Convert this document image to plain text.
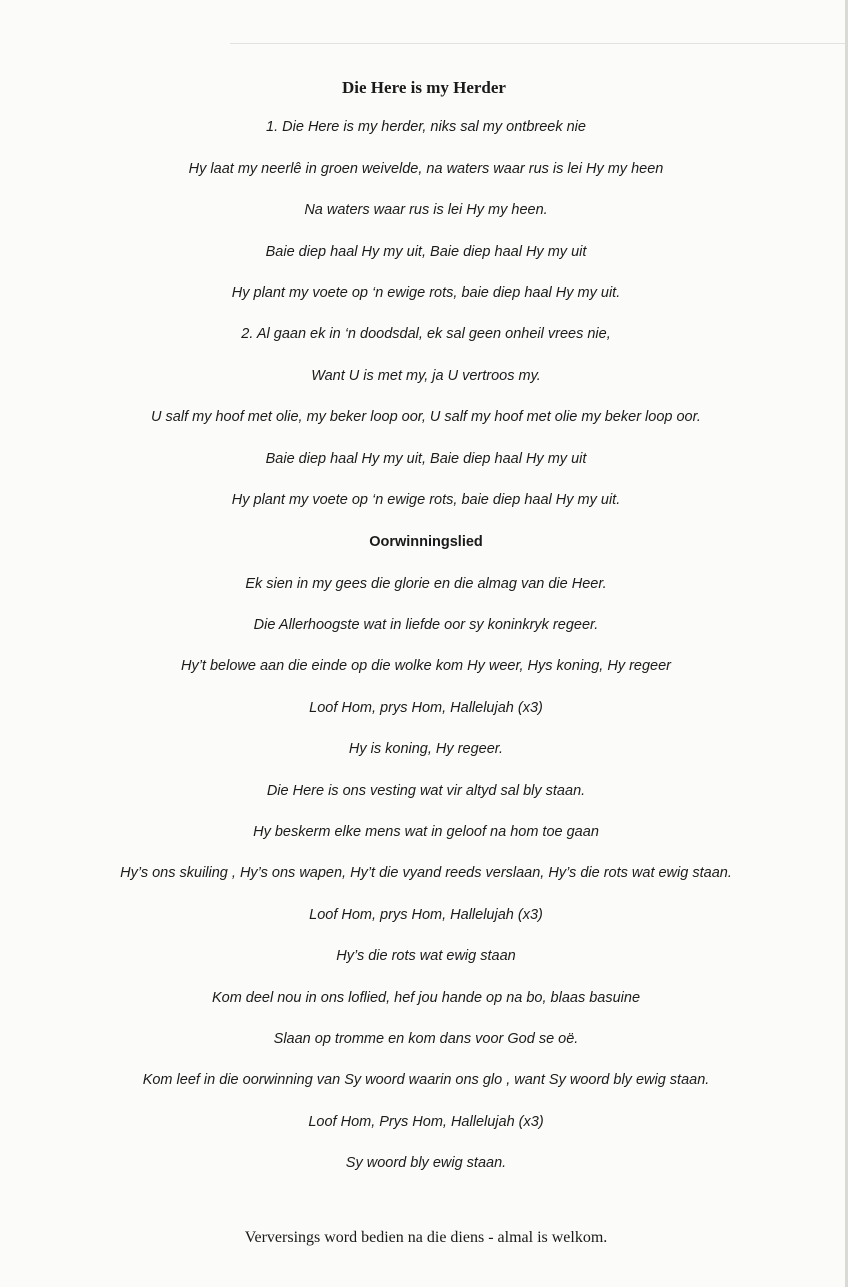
Die Here is my Herder
1. Die Here is my herder, niks sal my ontbreek nie
Hy laat my neerlê in groen weivelde, na waters waar rus is lei Hy my heen
Na waters waar rus is lei Hy my heen.
Baie diep haal Hy my uit, Baie diep haal Hy my uit
Hy plant my voete op ‘n ewige rots, baie diep haal Hy my uit.
2. Al gaan ek in ‘n doodsdal, ek sal geen onheil vrees nie,
Want U is met my, ja U vertroos my.
U salf my hoof met olie, my beker loop oor, U salf my hoof met olie my beker loop oor.
Baie diep haal Hy my uit, Baie diep haal Hy my uit
Hy plant my voete op ‘n ewige rots, baie diep haal Hy my uit.
Oorwinningslied
Ek sien in my gees die glorie en die almag van die Heer.
Die Allerhoogste wat in liefde oor sy koninkryk regeer.
Hy’t belowe aan die einde op die wolke kom Hy weer, Hys koning, Hy regeer
Loof Hom, prys Hom, Hallelujah (x3)
Hy is koning, Hy regeer.
Die Here is ons vesting wat vir altyd sal bly staan.
Hy beskerm elke mens wat in geloof na hom toe gaan
Hy’s ons skuiling , Hy’s ons wapen, Hy’t die vyand reeds verslaan, Hy’s die rots wat ewig staan.
Loof Hom, prys Hom, Hallelujah (x3)
Hy’s die rots wat ewig staan
Kom deel nou in ons loflied, hef jou hande op na bo, blaas basuine
Slaan op tromme en kom dans voor God se oë.
Kom leef in die oorwinning van Sy woord waarin ons glo , want Sy woord bly ewig staan.
Loof Hom, Prys Hom, Hallelujah (x3)
Sy woord bly ewig staan.
Verversings word bedien na die diens - almal is welkom.
